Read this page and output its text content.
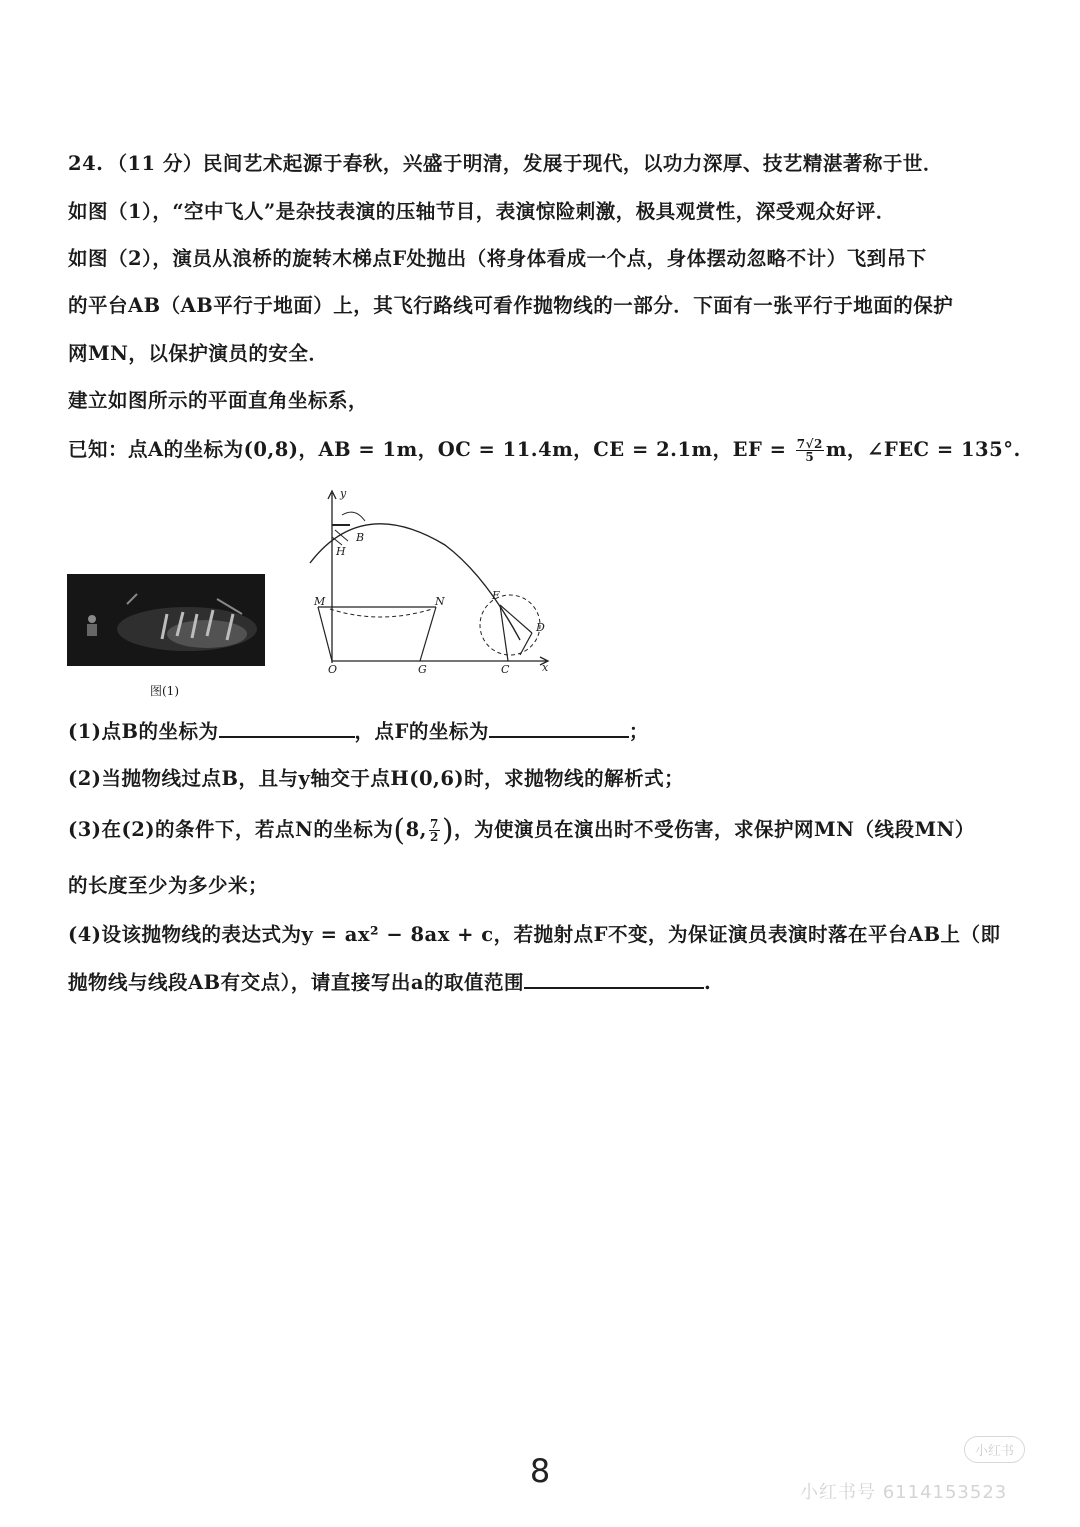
24. （11 分）民间艺术起源于春秋，兴盛于明清，发展于现代，以功力深厚、技艺精湛著称于世．
如图（1），“空中飞人”是杂技表演的压轴节目，表演惊险刺激，极具观赏性，深受观众好评．
如图（2），演员从浪桥的旋转木梯点F处抛出（将身体看成一个点，身体摆动忽略不计）飞到吊下
的平台AB（AB平行于地面）上，其飞行路线可看作抛物线的一部分．下面有一张平行于地面的保护
网MN，以保护演员的安全．
建立如图所示的平面直角坐标系，
已知：点A的坐标为(0,8)，AB = 1m，OC = 11.4m，CE = 2.1m，EF = $\frac{7√2}{5}$ m，∠FEC = 135°.
图(1)
y
x
O
H
B
M	N
G	C
D
F
(1)点B的坐标为	，点F的坐标为	；
(2)当抛物线过点B，且与y轴交于点H(0,6)时，求抛物线的解析式；
(3)在(2)的条件下，若点N的坐标为(8, $\frac{7}{2}$ )，为使演员在演出时不受伤害，求保护网MN（线段MN）
的长度至少为多少米；
(4)设该抛物线的表达式为y = ax² − 8ax + c，若抛射点F不变，为保证演员表演时落在平台AB上（即
抛物线与线段AB有交点），请直接写出a的取值范围	.
8
小红书
小红书号 6114153523
